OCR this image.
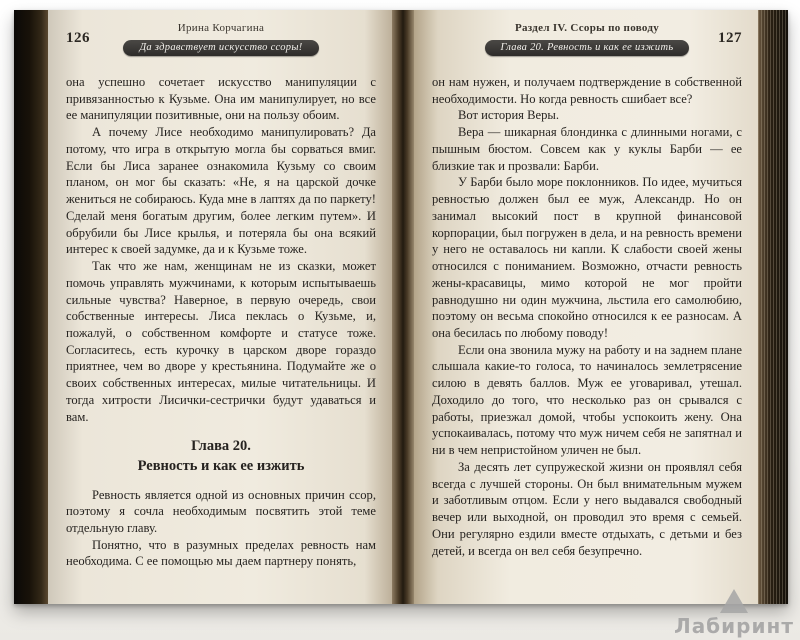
126
Ирина Корчагина
Да здравствует искусство ссоры!

она успешно сочетает искусство манипуляции с привязанностью к Кузьме. Она им манипулирует, но все ее манипуляции позитивные, они на пользу обоим.

А почему Лисе необходимо манипулировать? Да потому, что игра в открытую могла бы сорваться вмиг. Если бы Лиса заранее ознакомила Кузьму со своим планом, он мог бы сказать: «Не, я на царской дочке жениться не собираюсь. Куда мне в лаптях да по паркету! Сделай меня богатым другим, более легким путем». И обрубили бы Лисе крылья, и потеряла бы она всякий интерес к своей задумке, да и к Кузьме тоже.

Так что же нам, женщинам не из сказки, может помочь управлять мужчинами, к которым испытываешь сильные чувства? Наверное, в первую очередь, свои собственные интересы. Лиса пеклась о Кузьме, и, пожалуй, о собственном комфорте и статусе тоже. Согласитесь, есть курочку в царском дворе гораздо приятнее, чем во дворе у крестьянина. Подумайте же о своих собственных интересах, милые читательницы. И тогда хитрости Лисички-сестрички будут удаваться и вам.

Глава 20.
Ревность и как ее изжить

Ревность является одной из основных причин ссор, поэтому я сочла необходимым посвятить этой теме отдельную главу.

Понятно, что в разумных пределах ревность нам необходима. С ее помощью мы даем партнеру понять,

127
Раздел IV. Ссоры по поводу
Глава 20. Ревность и как ее изжить

он нам нужен, и получаем подтверждение в собственной необходимости. Но когда ревность сшибает все?

Вот история Веры.

Вера — шикарная блондинка с длинными ногами, с пышным бюстом. Совсем как у куклы Барби — ее близкие так и прозвали: Барби.

У Барби было море поклонников. По идее, мучиться ревностью должен был ее муж, Александр. Но он занимал высокий пост в крупной финансовой корпорации, был погружен в дела, и на ревность времени у него не оставалось ни капли. К слабости своей жены относился с пониманием. Возможно, отчасти ревность жены-красавицы, мимо которой не мог пройти равнодушно ни один мужчина, льстила его самолюбию, поэтому он весьма спокойно относился к ее разносам. А она бесилась по любому поводу!

Если она звонила мужу на работу и на заднем плане слышала какие-то голоса, то начиналось землетрясение силою в девять баллов. Муж ее уговаривал, утешал. Доходило до того, что несколько раз он срывался с работы, приезжал домой, чтобы успокоить жену. Она успокаивалась, потому что муж ничем себя не запятнал и ни в чем непристойном уличен не был.

За десять лет супружеской жизни он проявлял себя всегда с лучшей стороны. Он был внимательным мужем и заботливым отцом. Если у него выдавался свободный вечер или выходной, он проводил это время с семьей. Они регулярно ездили вместе отдыхать, с детьми и без детей, и всегда он вел себя безупречно.

Лабиринт
